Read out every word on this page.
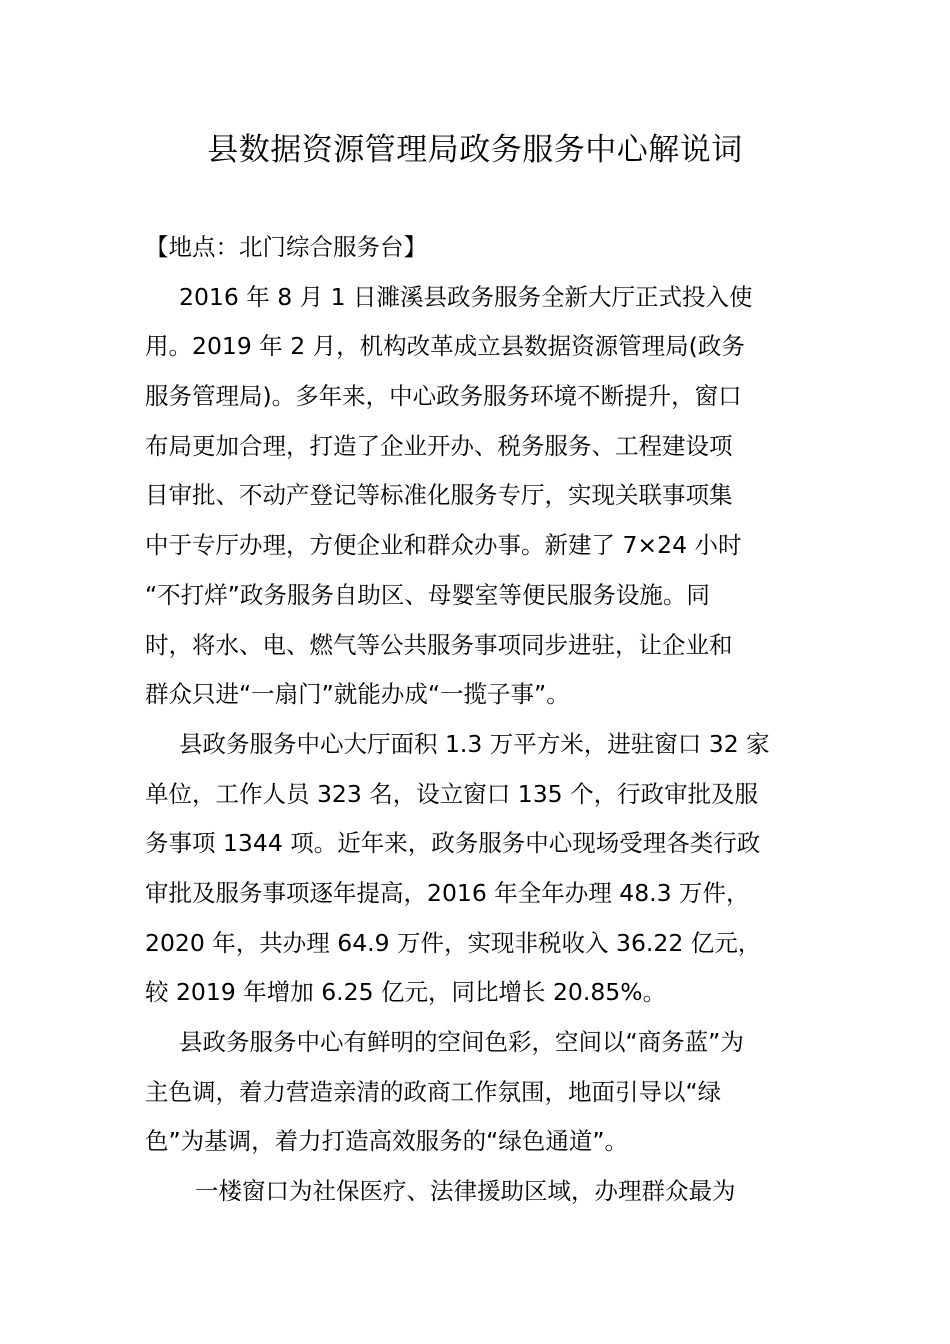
县数据资源管理局政务服务中心解说词
【地点：北门综合服务台】
2016 年 8 月 1 日濉溪县政务服务全新大厅正式投入使
用。2019 年 2 月，机构改革成立县数据资源管理局(政务
服务管理局)。多年来，中心政务服务环境不断提升，窗口
布局更加合理，打造了企业开办、税务服务、工程建设项
目审批、不动产登记等标准化服务专厅，实现关联事项集
中于专厅办理，方便企业和群众办事。新建了 7×24 小时
“不打烊”政务服务自助区、母婴室等便民服务设施。同
时，将水、电、燃气等公共服务事项同步进驻，让企业和
群众只进“一扇门”就能办成“一揽子事”。
县政务服务中心大厅面积 1.3 万平方米，进驻窗口 32 家
单位，工作人员 323 名，设立窗口 135 个，行政审批及服
务事项 1344 项。近年来，政务服务中心现场受理各类行政
审批及服务事项逐年提高，2016 年全年办理 48.3 万件，
2020 年，共办理 64.9 万件，实现非税收入 36.22 亿元，
较 2019 年增加 6.25 亿元，同比增长 20.85%。
县政务服务中心有鲜明的空间色彩，空间以“商务蓝”为
主色调，着力营造亲清的政商工作氛围，地面引导以“绿
色”为基调，着力打造高效服务的“绿色通道”。
一楼窗口为社保医疗、法律援助区域，办理群众最为
